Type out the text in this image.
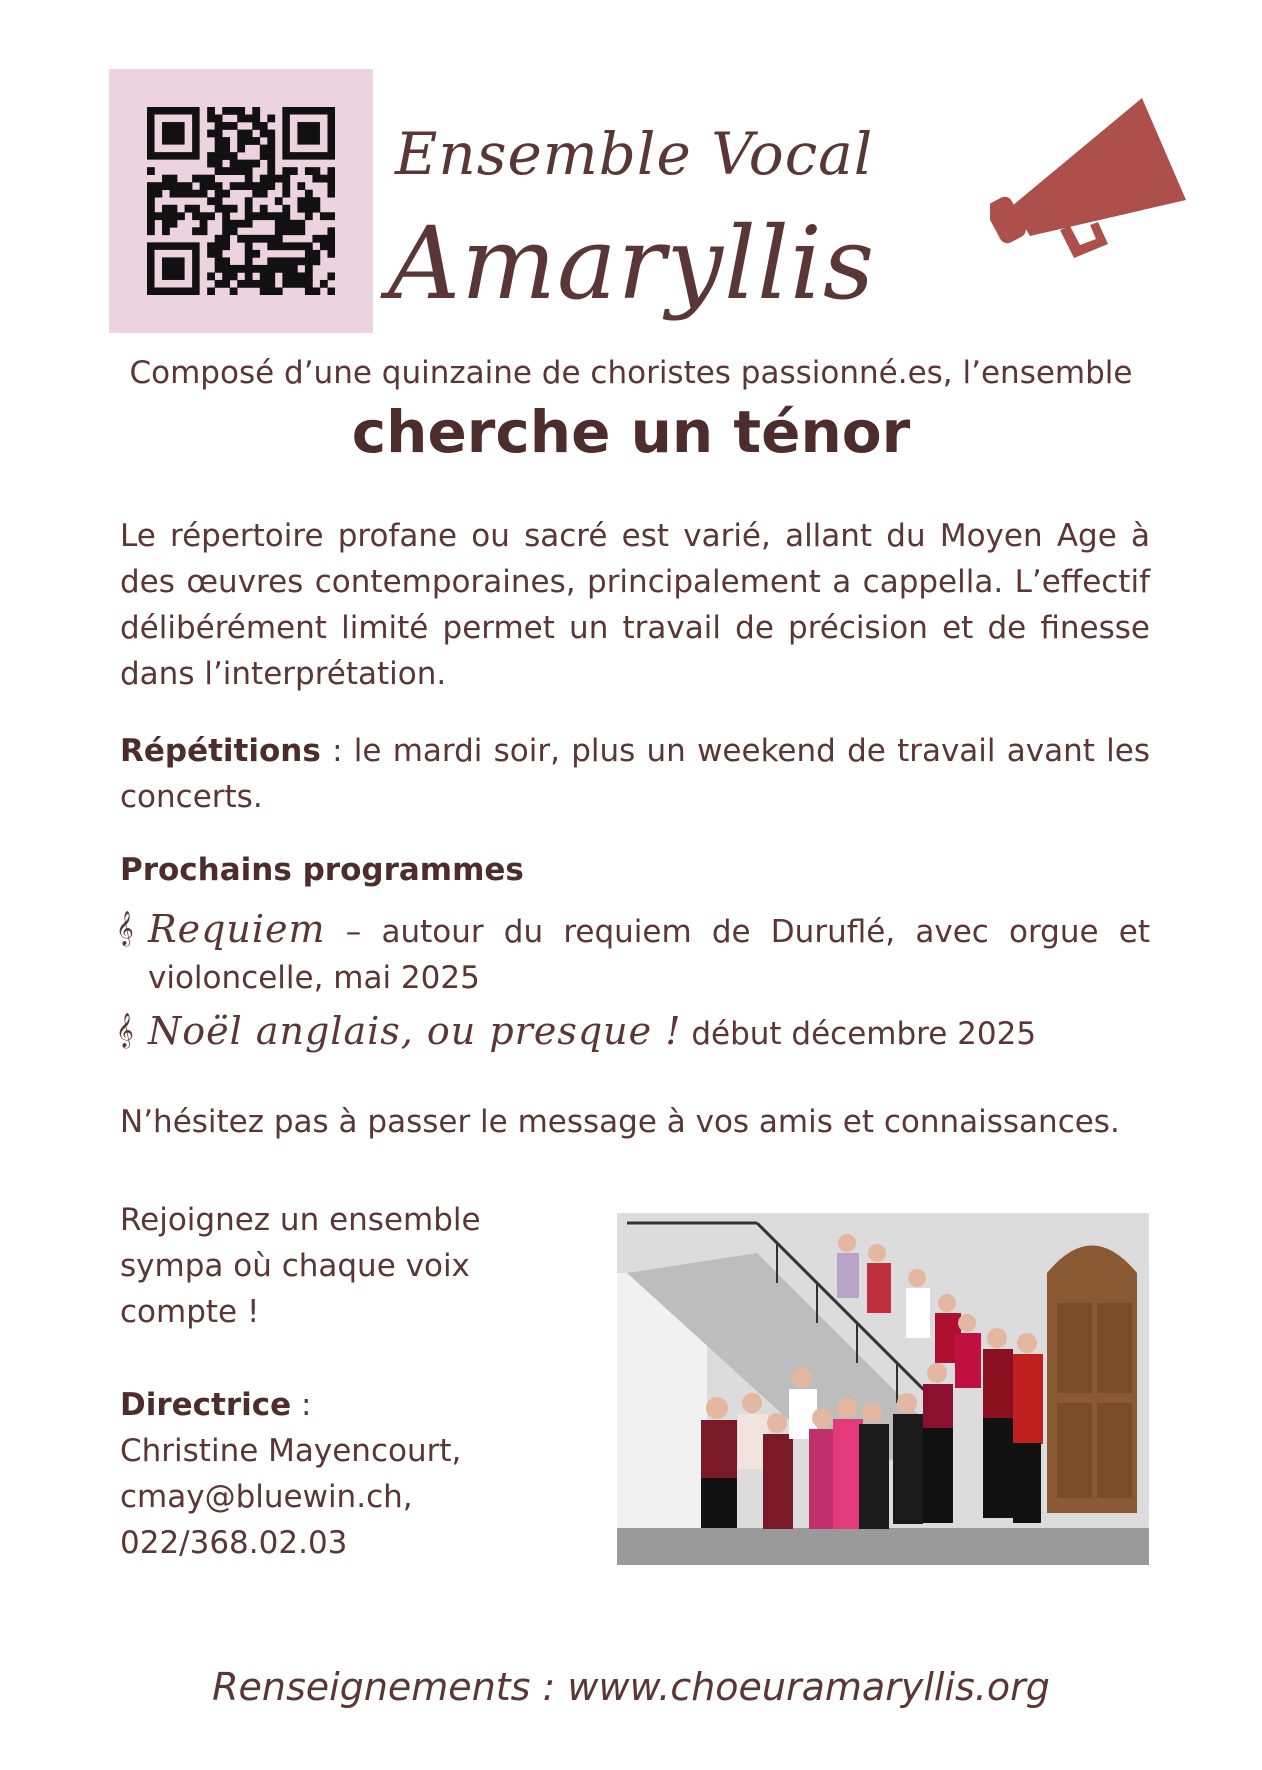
Ensemble Vocal
Amaryllis
Composé d’une quinzaine de choristes passionné.es, l’ensemble
cherche un ténor
Le répertoire profane ou sacré est varié, allant du Moyen Age à des œuvres contemporaines, principalement a cappella. L’effectif délibérément limité permet un travail de précision et de finesse dans l’interprétation.
Répétitions : le mardi soir, plus un weekend de travail avant les concerts.
Prochains programmes
𝄞 Requiem – autour du requiem de Duruflé, avec orgue et violoncelle, mai 2025
𝄞 Noël anglais, ou presque ! début décembre 2025
N’hésitez pas à passer le message à vos amis et connaissances.
Rejoignez un ensemble sympa où chaque voix compte !
Directrice :
Christine Mayencourt,
cmay@bluewin.ch,
022/368.02.03
Renseignements : www.choeuramaryllis.org
